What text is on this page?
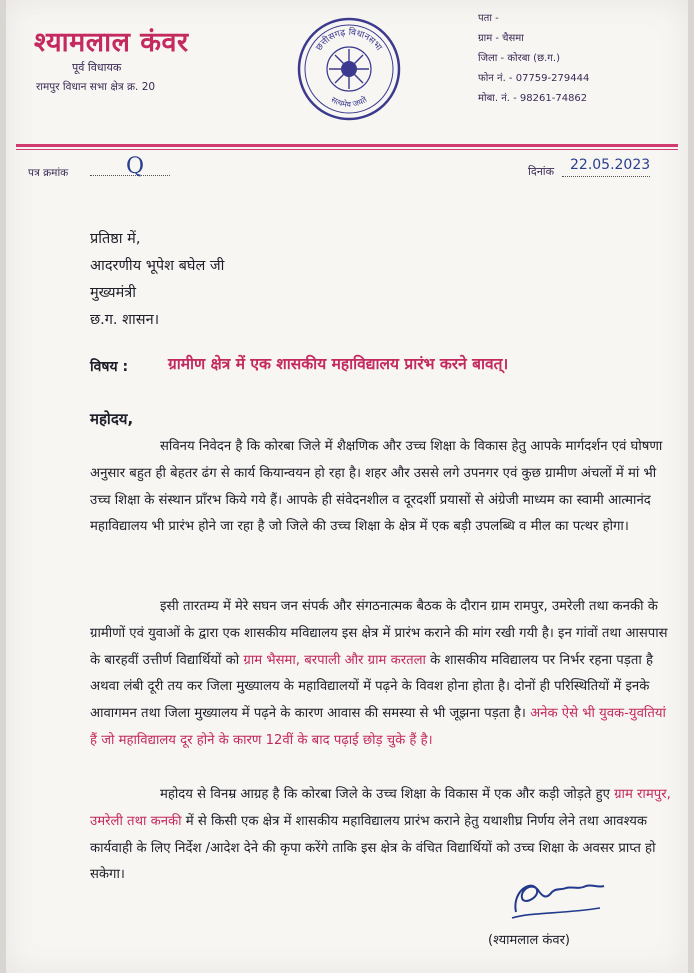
श्यामलाल कंवर
पूर्व विधायक
रामपुर विधान सभा क्षेत्र क्र. 20
छत्तीसगढ़ विधानसभा
सत्यमेव जयते
पता -
ग्राम - चैसमा
जिला - कोरबा (छ.ग.)
फोन नं. - 07759-279444
मोबा. नं. - 98261-74862
पत्र क्रमांक	Q	दिनांक 22.05.2023
प्रतिष्ठा में,
आदरणीय भूपेश बघेल जी
मुख्यमंत्री
छ.ग. शासन।
विषय :	ग्रामीण क्षेत्र में एक शासकीय महाविद्यालय प्रारंभ करने बावत्।
महोदय,
सविनय निवेदन है कि कोरबा जिले में शैक्षणिक और उच्च शिक्षा के विकास हेतु आपके मार्गदर्शन एवं घोषणा अनुसार बहुत ही बेहतर ढंग से कार्य कियान्वयन हो रहा है। शहर और उससे लगे उपनगर एवं कुछ ग्रामीण अंचलों में मां भी उच्च शिक्षा के संस्थान प्राँरभ किये गये हैं। आपके ही संवेदनशील व दूरदर्शी प्रयासों से अंग्रेजी माध्यम का स्वामी आत्मानंद महाविद्यालय भी प्रारंभ होने जा रहा है जो जिले की उच्च शिक्षा के क्षेत्र में एक बड़ी उपलब्धि व मील का पत्थर होगा।
इसी तारतम्य में मेरे सघन जन संपर्क और संगठनात्मक बैठक के दौरान ग्राम रामपुर, उमरेली तथा कनकी के ग्रामीणों एवं युवाओं के द्वारा एक शासकीय मविद्यालय इस क्षेत्र में प्रारंभ कराने की मांग रखी गयी है। इन गांवों तथा आसपास के बारहवीं उत्तीर्ण विद्यार्थियों को ग्राम भैसमा, बरपाली और ग्राम करतला के शासकीय मविद्यालय पर निर्भर रहना पड़ता है अथवा लंबी दूरी तय कर जिला मुख्यालय के महाविद्यालयों में पढ़ने के विवश होना होता है। दोनों ही परिस्थितियों में इनके आवागमन तथा जिला मुख्यालय में पढ़ने के कारण आवास की समस्या से भी जूझना पड़ता है। अनेक ऐसे भी युवक-युवतियां हैं जो महाविद्यालय दूर होने के कारण 12वीं के बाद पढ़ाई छोड़ चुके हैं है।
महोदय से विनम्र आग्रह है कि कोरबा जिले के उच्च शिक्षा के विकास में एक और कड़ी जोड़ते हुए ग्राम रामपुर, उमरेली तथा कनकी में से किसी एक क्षेत्र में शासकीय महाविद्यालय प्रारंभ कराने हेतु यथाशीघ्र निर्णय लेने तथा आवश्यक कार्यवाही के लिए निर्देश /आदेश देने की कृपा करेंगे ताकि इस क्षेत्र के वंचित विद्यार्थियों को उच्च शिक्षा के अवसर प्राप्त हो सकेगा।
(श्यामलाल कंवर)
